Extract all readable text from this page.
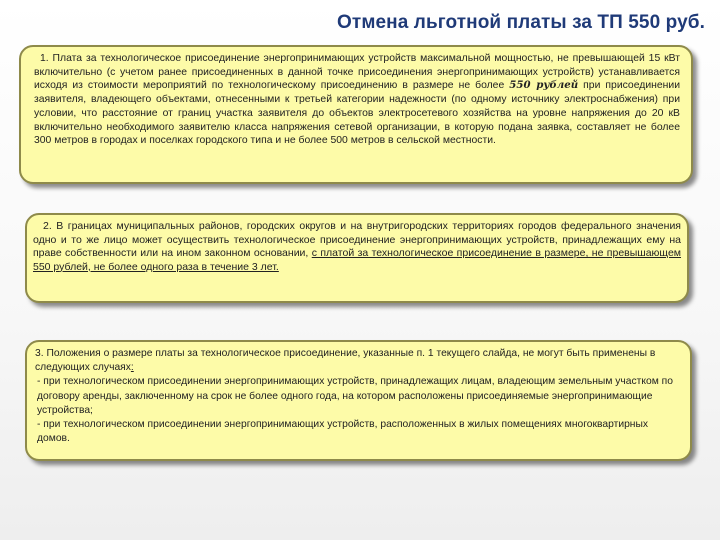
Отмена льготной платы за ТП 550 руб.

1. Плата за технологическое присоединение энергопринимающих устройств максимальной мощностью, не превышающей 15 кВт включительно (с учетом ранее присоединенных в данной точке присоединения энергопринимающих устройств) устанавливается исходя из стоимости мероприятий по технологическому присоединению в размере не более 550 рублей при присоединении заявителя, владеющего объектами, отнесенными к третьей категории надежности (по одному источнику электроснабжения) при условии, что расстояние от границ участка заявителя до объектов электросетевого хозяйства на уровне напряжения до 20 кВ включительно необходимого заявителю класса напряжения сетевой организации, в которую подана заявка, составляет не более 300 метров в городах и поселках городского типа и не более 500 метров в сельской местности.

2. В границах муниципальных районов, городских округов и на внутригородских территориях городов федерального значения одно и то же лицо может осуществить технологическое присоединение энергопринимающих устройств, принадлежащих ему на праве собственности или на ином законном основании, с платой за технологическое присоединение в размере, не превышающем 550 рублей, не более одного раза в течение 3 лет.

3. Положения о размере платы за технологическое присоединение, указанные п. 1 текущего слайда, не могут быть применены в следующих случаях:

- при технологическом присоединении энергопринимающих устройств, принадлежащих лицам, владеющим земельным участком по договору аренды, заключенному на срок не более одного года, на котором расположены присоединяемые энергопринимающие устройства;

- при технологическом присоединении энергопринимающих устройств, расположенных в жилых помещениях многоквартирных домов.
